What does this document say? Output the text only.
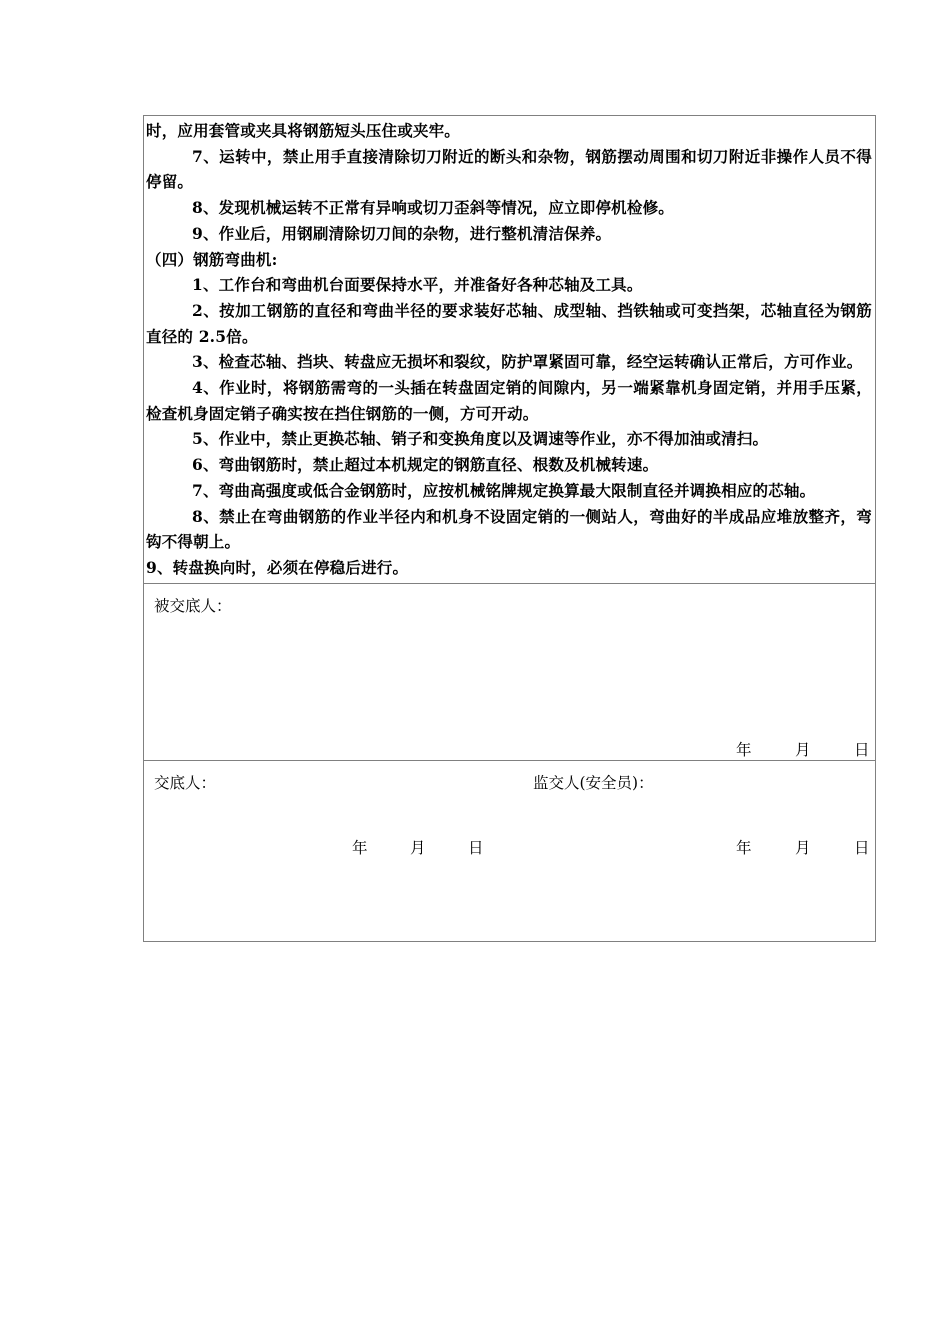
时，应用套管或夹具将钢筋短头压住或夹牢。

7、运转中，禁止用手直接清除切刀附近的断头和杂物，钢筋摆动周围和切刀附近非操作人员不得停留。

8、发现机械运转不正常有异响或切刀歪斜等情况，应立即停机检修。

9、作业后，用钢刷清除切刀间的杂物，进行整机清洁保养。

（四）钢筋弯曲机:

1、工作台和弯曲机台面要保持水平，并准备好各种芯轴及工具。

2、按加工钢筋的直径和弯曲半径的要求装好芯轴、成型轴、挡铁轴或可变挡架，芯轴直径为钢筋直径的 2.5倍。

3、检查芯轴、挡块、转盘应无损坏和裂纹，防护罩紧固可靠，经空运转确认正常后，方可作业。

4、作业时，将钢筋需弯的一头插在转盘固定销的间隙内，另一端紧靠机身固定销，并用手压紧，检查机身固定销子确实按在挡住钢筋的一侧，方可开动。

5、作业中，禁止更换芯轴、销子和变换角度以及调速等作业，亦不得加油或清扫。

6、弯曲钢筋时，禁止超过本机规定的钢筋直径、根数及机械转速。

7、弯曲高强度或低合金钢筋时，应按机械铭牌规定换算最大限制直径并调换相应的芯轴。

8、禁止在弯曲钢筋的作业半径内和机身不设固定销的一侧站人，弯曲好的半成品应堆放整齐，弯钩不得朝上。

9、转盘换向时，必须在停稳后进行。

被交底人：
年	月	日
交底人：	监交人(安全员)：
年	月	日	年	月	日
